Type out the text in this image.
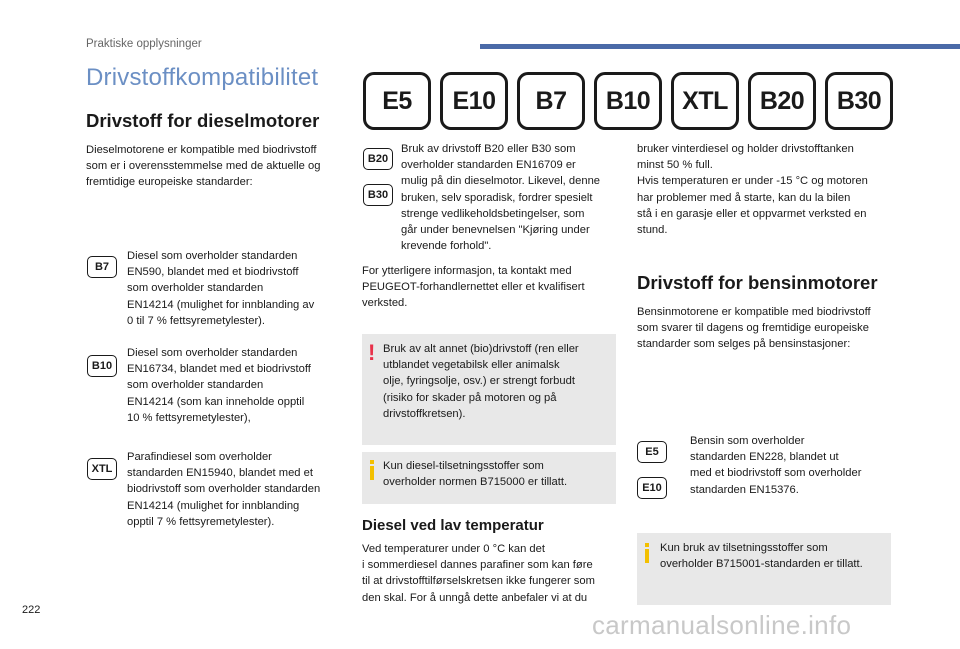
Praktiske opplysninger
Drivstoffkompatibilitet
E5	E10	B7	B10	XTL	B20	B30
Drivstoff for dieselmotorer
Dieselmotorene er kompatible med biodrivstoff
som er i overensstemmelse med de aktuelle og
fremtidige europeiske standarder:
B7
Diesel som overholder standarden
EN590, blandet med et biodrivstoff
som overholder standarden
EN14214 (mulighet for innblanding av
0 til 7 % fettsyremetylester).
B10
Diesel som overholder standarden
EN16734, blandet med et biodrivstoff
som overholder standarden
EN14214 (som kan inneholde opptil
10 % fettsyremetylester),
XTL
Parafindiesel som overholder
standarden EN15940, blandet med et
biodrivstoff som overholder standarden
EN14214 (mulighet for innblanding
opptil 7 % fettsyremetylester).
B20
B30
Bruk av drivstoff B20 eller B30 som
overholder standarden EN16709 er
mulig på din dieselmotor. Likevel, denne
bruken, selv sporadisk, fordrer spesielt
strenge vedlikeholdsbetingelser, som
går under benevnelsen "Kjøring under
krevende forhold".
For ytterligere informasjon, ta kontakt med
PEUGEOT-forhandlernettet eller et kvalifisert
verksted.
! Bruk av alt annet (bio)drivstoff (ren eller
utblandet vegetabilsk eller animalsk
olje, fyringsolje, osv.) er strengt forbudt
(risiko for skader på motoren og på
drivstoffkretsen).
Kun diesel-tilsetningsstoffer som
overholder normen B715000 er tillatt.
Diesel ved lav temperatur
Ved temperaturer under 0 °C kan det
i sommerdiesel dannes parafiner som kan føre
til at drivstofftilførselskretsen ikke fungerer som
den skal. For å unngå dette anbefaler vi at du
bruker vinterdiesel og holder drivstofftanken
minst 50 % full.
Hvis temperaturen er under -15 °C og motoren
har problemer med å starte, kan du la bilen
stå i en garasje eller et oppvarmet verksted en
stund.
Drivstoff for bensinmotorer
Bensinmotorene er kompatible med biodrivstoff
som svarer til dagens og fremtidige europeiske
standarder som selges på bensinstasjoner:
E5
E10
Bensin som overholder
standarden EN228, blandet ut
med et biodrivstoff som overholder
standarden EN15376.
Kun bruk av tilsetningsstoffer som
overholder B715001-standarden er tillatt.
222	carmanualsonline.info
